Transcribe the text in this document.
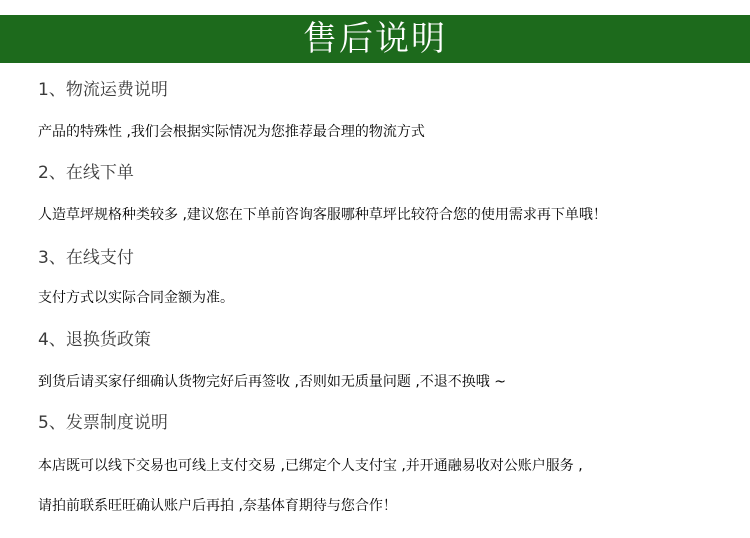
售后说明
1、物流运费说明
产品的特殊性 ,我们会根据实际情况为您推荐最合理的物流方式
2、在线下单
人造草坪规格种类较多 ,建议您在下单前咨询客服哪种草坪比较符合您的使用需求再下单哦！
3、在线支付
支付方式以实际合同金额为准。
4、退换货政策
到货后请买家仔细确认货物完好后再签收 ,否则如无质量问题 ,不退不换哦 ~
5、发票制度说明
本店既可以线下交易也可线上支付交易 ,已绑定个人支付宝 ,并开通融易收对公账户服务 ,
请拍前联系旺旺确认账户后再拍 ,奈基体育期待与您合作！
